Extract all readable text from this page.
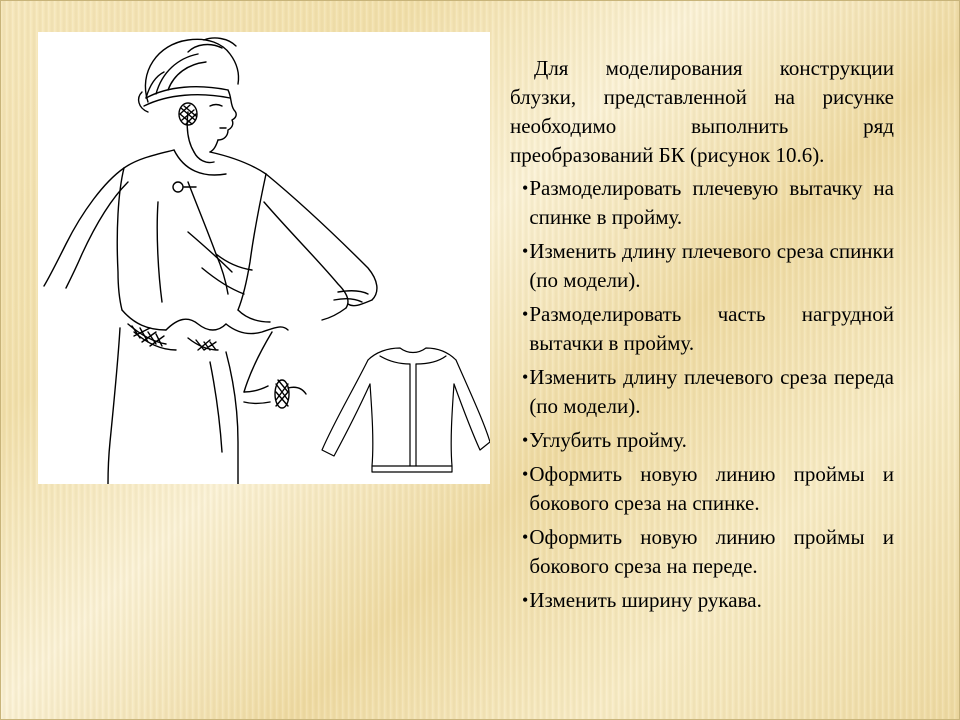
Для моделирования конструкции блузки, представленной на рисунке необходимо выполнить ряд преобразований БК (рисунок 10.6).

• Размоделировать плечевую вытачку на спинке в пройму.
• Изменить длину плечевого среза спинки (по модели).
• Размоделировать часть нагрудной вытачки в пройму.
• Изменить длину плечевого среза переда (по модели).
• Углубить пройму.
• Оформить новую линию проймы и бокового среза на спинке.
• Оформить новую линию проймы и бокового среза на переде.
• Изменить ширину рукава.
